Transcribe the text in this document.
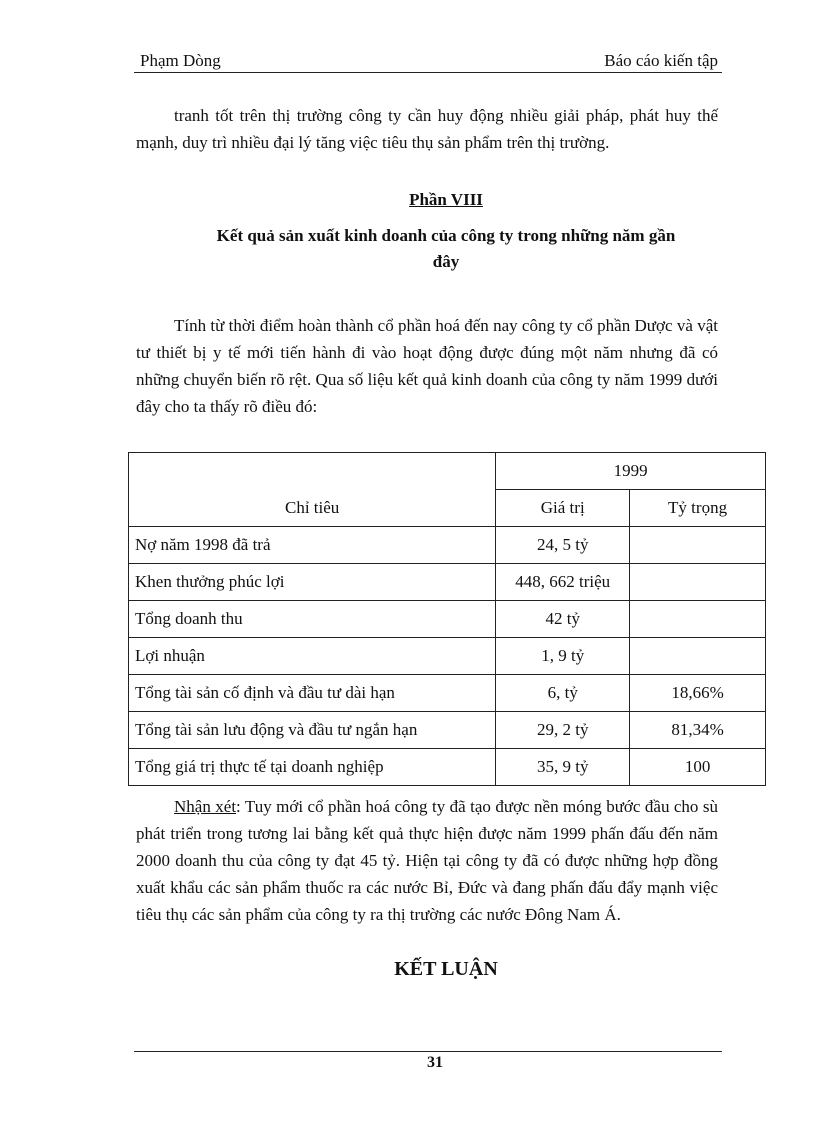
Phạm Dòng	Báo cáo kiến tập

tranh tốt trên thị trường công ty cần huy động nhiều giải pháp, phát huy thế mạnh, duy trì nhiều đại lý tăng việc tiêu thụ sản phẩm trên thị trường.

Phần VIII

Kết quả sản xuất kinh doanh của công ty trong những năm gần
đây

Tính từ thời điểm hoàn thành cổ phần hoá đến nay công ty cổ phần Dược và vật tư thiết bị y tế mới tiến hành đi vào hoạt động được đúng một năm nhưng đã có những chuyển biến rõ rệt. Qua số liệu kết quả kinh doanh của công ty năm 1999 dưới đây cho ta thấy rõ điều đó:

Chỉ tiêu	1999	
	Giá trị	Tỷ trọng
Nợ năm 1998 đã trả	24, 5 tỷ	
Khen thưởng phúc lợi	448, 662 triệu	
Tổng doanh thu	42 tỷ	
Lợi nhuận	1, 9 tỷ	
Tổng tài sản cố định và đầu tư dài hạn	6, tỷ	18,66%
Tổng tài sản lưu động và đầu tư ngắn hạn	29, 2 tỷ	81,34%
Tổng giá trị thực tế tại doanh nghiệp	35, 9 tỷ	100

Nhận xét: Tuy mới cổ phần hoá công ty đã tạo được nền móng bước đầu cho sù phát triển trong tương lai bằng kết quả thực hiện được năm 1999 phấn đấu đến năm 2000 doanh thu của công ty đạt 45 tỷ. Hiện tại công ty đã có được những hợp đồng xuất khẩu các sản phẩm thuốc ra các nước Bỉ, Đức và đang phấn đấu đẩy mạnh việc tiêu thụ các sản phẩm của công ty ra thị trường các nước Đông Nam Á.

KẾT LUẬN

31
